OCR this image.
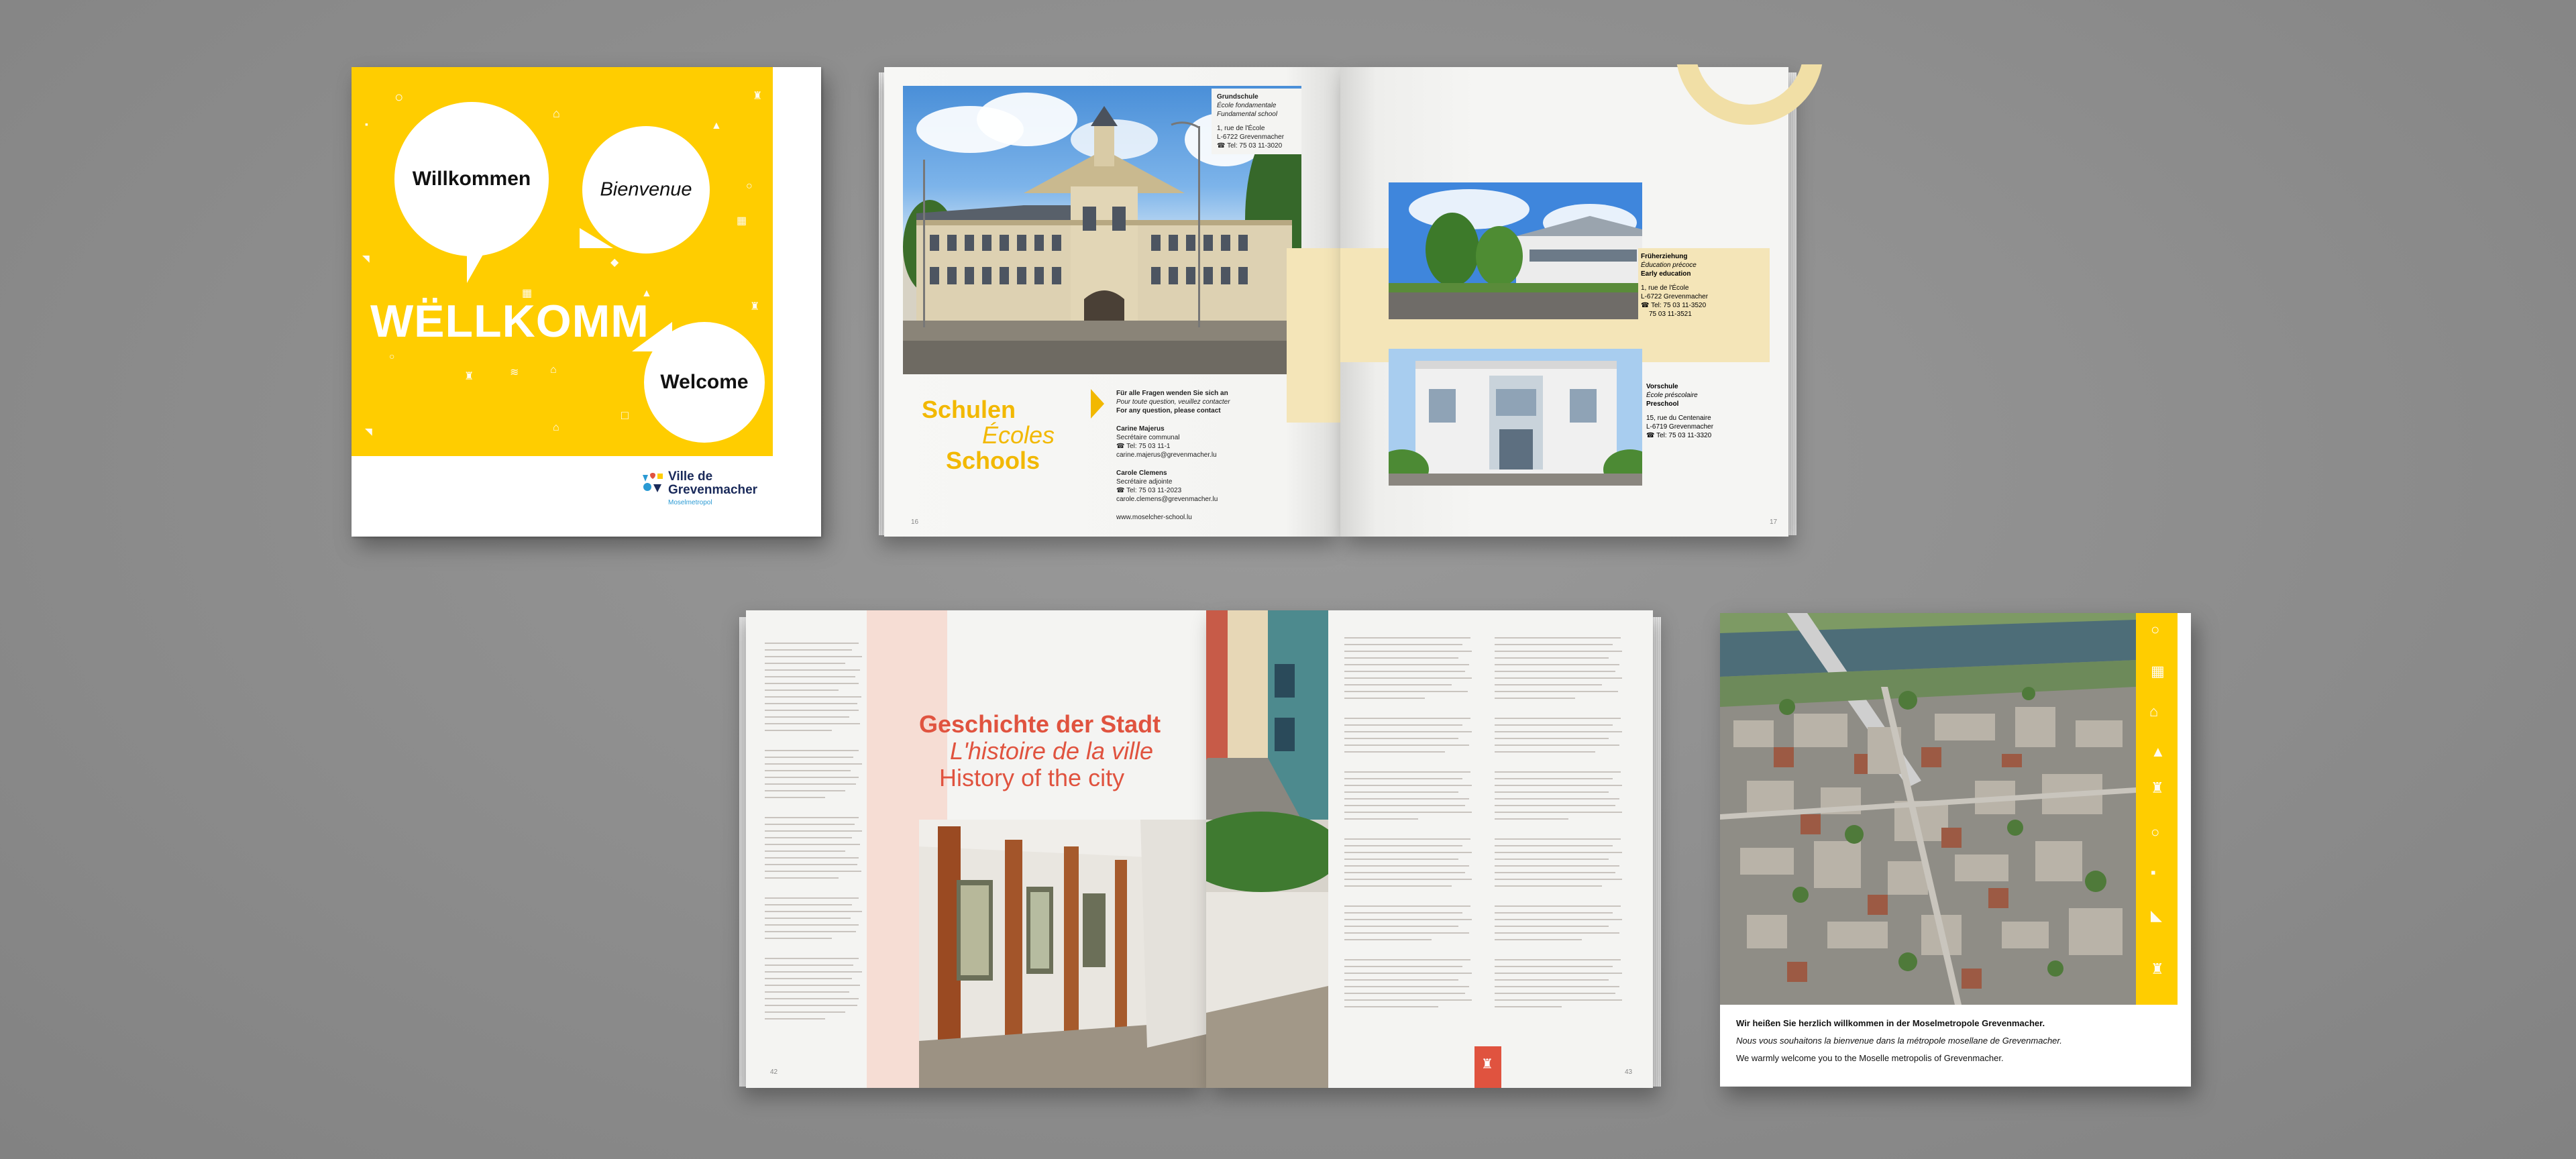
○
▪
♜
⌂
▲
○
▦
◆
▲
♜
◥
○
♜	≋	⌂
□
⌂
◥
▦
Willkommen	Bienvenue
Welcome
WËLLKOMM
Ville de
Grevenmacher
Moselmetropol
Grundschule
École fondamentale
Fundamental school
1, rue de l'École
L-6722 Grevenmacher
☎ Tel: 75 03 11-3020
Schulen
Écoles
Schools
Für alle Fragen wenden Sie sich an
Pour toute question, veuillez contacter
For any question, please contact
Carine Majerus
Secrétaire communal
☎ Tel: 75 03 11-1
carine.majerus@grevenmacher.lu
Carole Clemens
Secrétaire adjointe
☎ Tel: 75 03 11-2023
carole.clemens@grevenmacher.lu
www.moselcher-school.lu
16
Früherziehung
Éducation précoce
Early education
1, rue de l'École
L-6722 Grevenmacher
☎ Tel: 75 03 11-3520
75 03 11-3521
Vorschule
École préscolaire
Preschool
15, rue du Centenaire
L-6719 Grevenmacher
☎ Tel: 75 03 11-3320
17
Geschichte der Stadt
L'histoire de la ville
History of the city
42
♜
43
○
▦
⌂
▲
♜
○
▪
◣
♜
Wir heißen Sie herzlich willkommen in der Moselmetropole Grevenmacher.
Nous vous souhaitons la bienvenue dans la métropole mosellane de Grevenmacher.
We warmly welcome you to the Moselle metropolis of Grevenmacher.
